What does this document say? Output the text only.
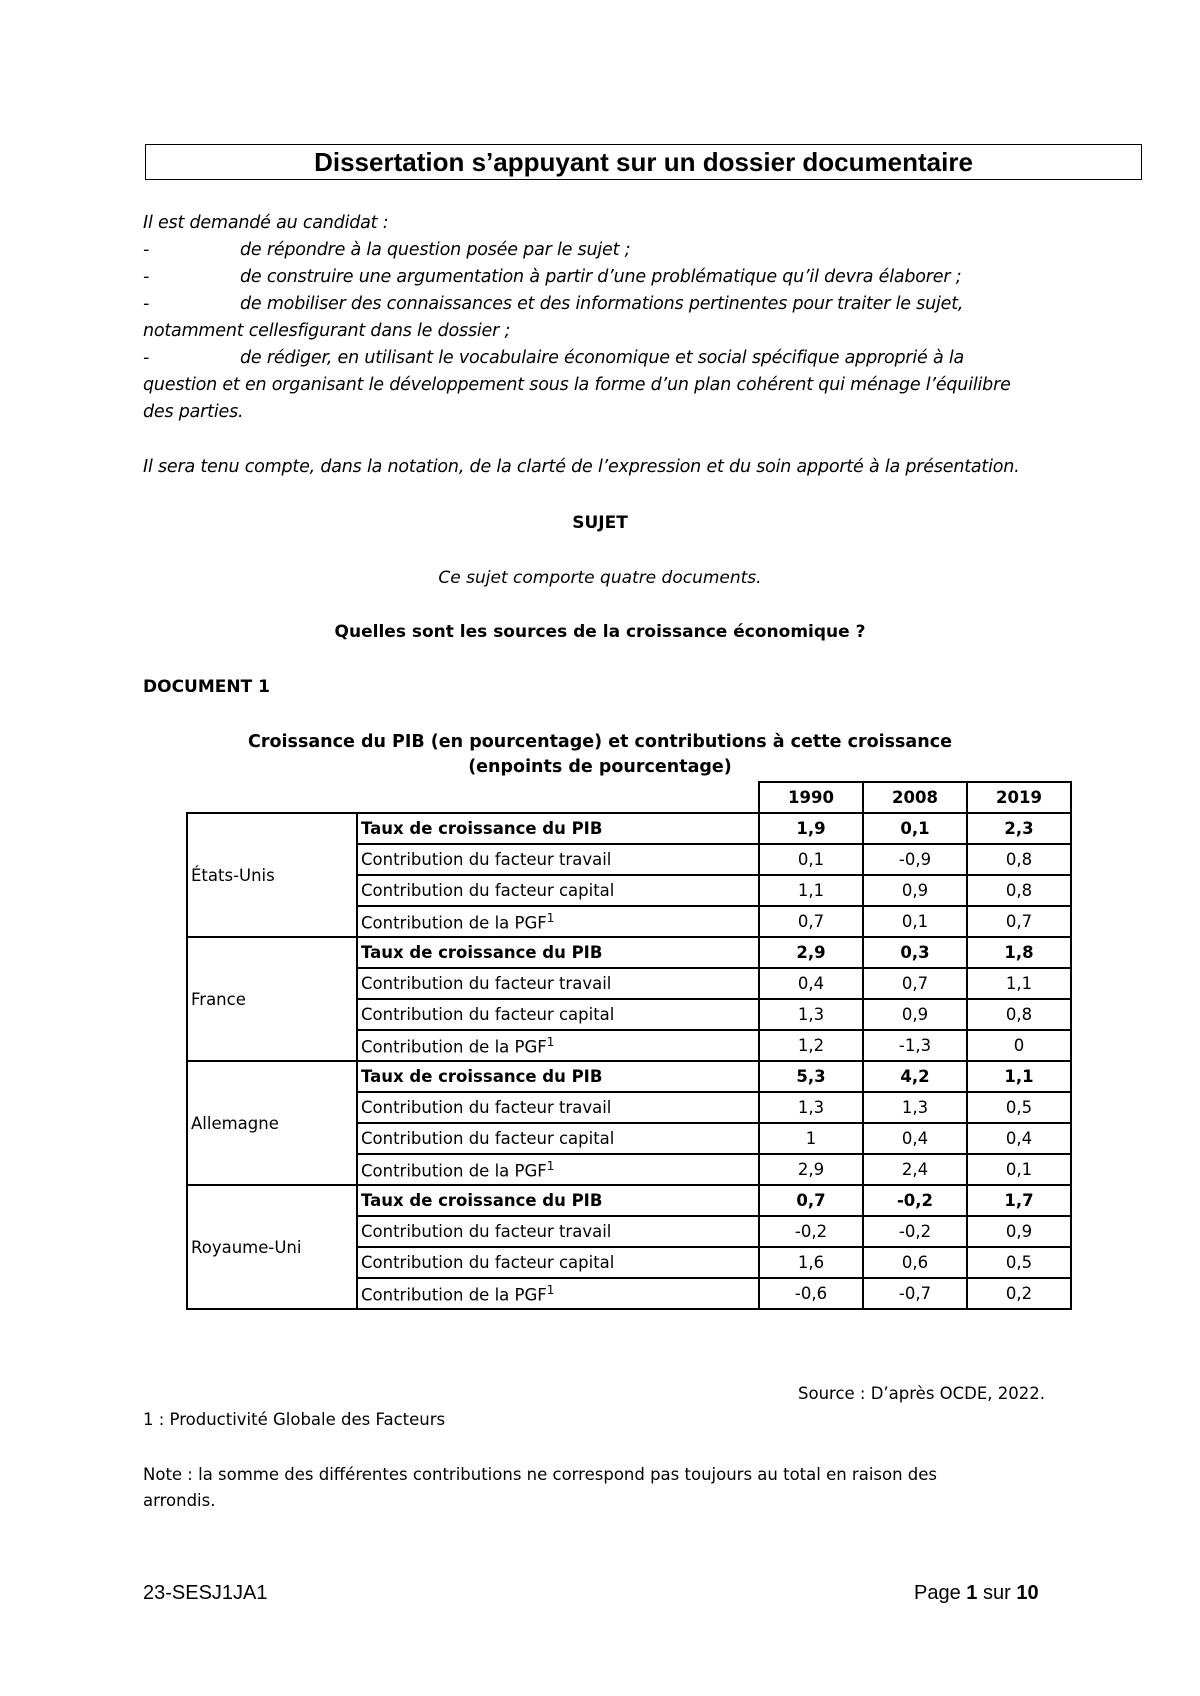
Dissertation s’appuyant sur un dossier documentaire
Il est demandé au candidat :
-	de répondre à la question posée par le sujet ;
-	de construire une argumentation à partir d’une problématique qu’il devra élaborer ;
-	de mobiliser des connaissances et des informations pertinentes pour traiter le sujet,
notamment cellesfigurant dans le dossier ;
-	de rédiger, en utilisant le vocabulaire économique et social spécifique approprié à la
question et en organisant le développement sous la forme d’un plan cohérent qui ménage l’équilibre
des parties.
Il sera tenu compte, dans la notation, de la clarté de l’expression et du soin apporté à la présentation.
SUJET
Ce sujet comporte quatre documents.
Quelles sont les sources de la croissance économique ?
DOCUMENT 1
Croissance du PIB (en pourcentage) et contributions à cette croissance
(enpoints de pourcentage)
		1990	2008	2019
États-Unis	Taux de croissance du PIB	1,9	0,1	2,3
	Contribution du facteur travail	0,1	-0,9	0,8
	Contribution du facteur capital	1,1	0,9	0,8
	Contribution de la PGF$^1$	0,7	0,1	0,7
France	Taux de croissance du PIB	2,9	0,3	1,8
	Contribution du facteur travail	0,4	0,7	1,1
	Contribution du facteur capital	1,3	0,9	0,8
	Contribution de la PGF$^1$	1,2	-1,3	0
Allemagne	Taux de croissance du PIB	5,3	4,2	1,1
	Contribution du facteur travail	1,3	1,3	0,5
	Contribution du facteur capital	1	0,4	0,4
	Contribution de la PGF$^1$	2,9	2,4	0,1
Royaume-Uni	Taux de croissance du PIB	0,7	-0,2	1,7
	Contribution du facteur travail	-0,2	-0,2	0,9
	Contribution du facteur capital	1,6	0,6	0,5
	Contribution de la PGF$^1$	-0,6	-0,7	0,2
Source : D’après OCDE, 2022.
1 : Productivité Globale des Facteurs
Note : la somme des différentes contributions ne correspond pas toujours au total en raison des
arrondis.
23-SESJ1JA1	Page 1 sur 10
